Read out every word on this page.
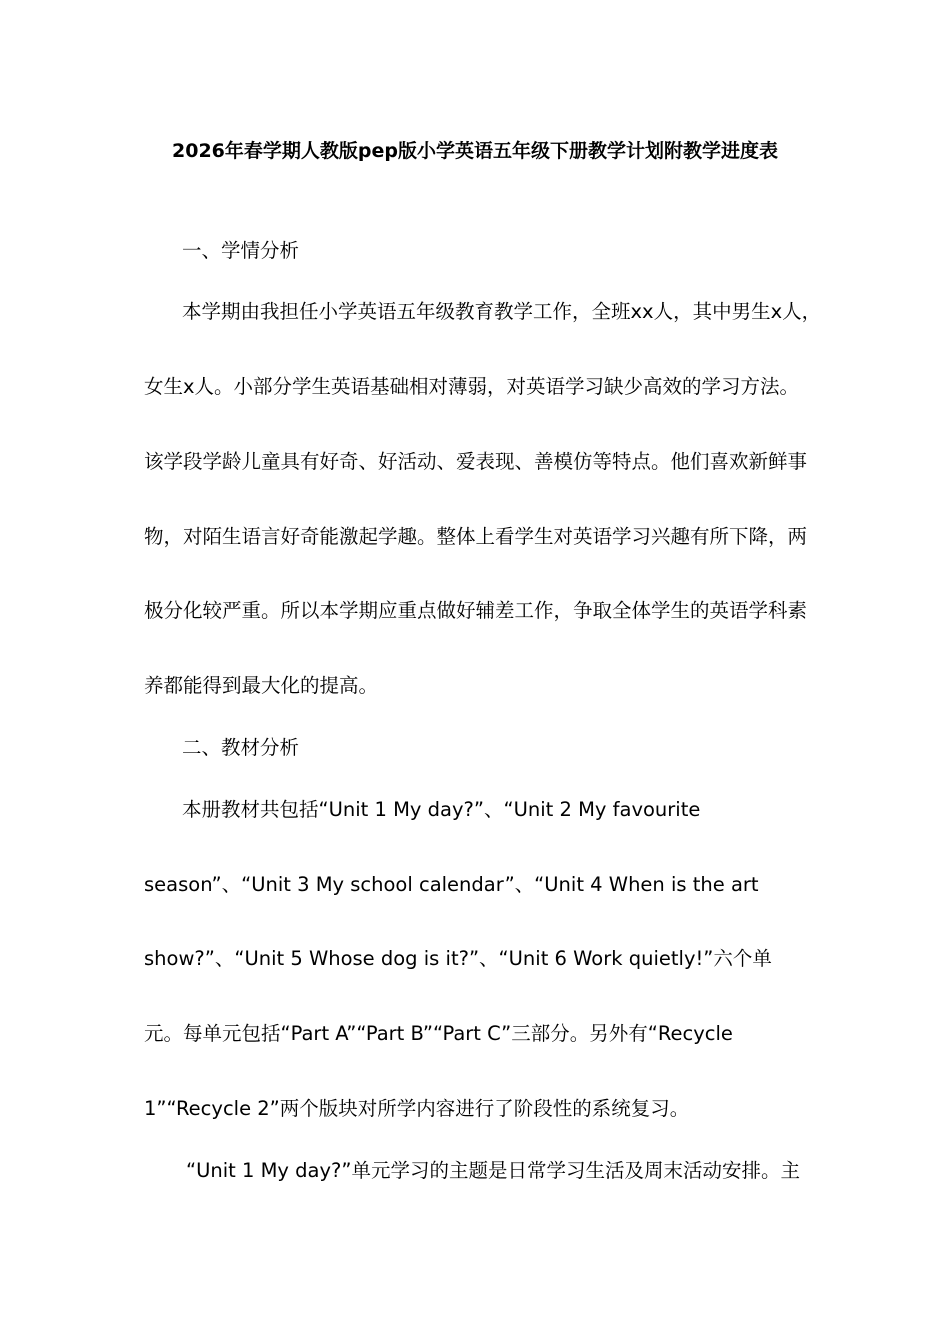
2026年春学期人教版pep版小学英语五年级下册教学计划附教学进度表
一、学情分析
本学期由我担任小学英语五年级教育教学工作，全班xx人，其中男生x人，
女生x人。小部分学生英语基础相对薄弱，对英语学习缺少高效的学习方法。
该学段学龄儿童具有好奇、好活动、爱表现、善模仿等特点。他们喜欢新鲜事
物，对陌生语言好奇能激起学趣。整体上看学生对英语学习兴趣有所下降，两
极分化较严重。所以本学期应重点做好辅差工作，争取全体学生的英语学科素
养都能得到最大化的提高。
二、教材分析
本册教材共包括“Unit 1 My day?”、“Unit 2 My favourite
season”、“Unit 3 My school calendar”、“Unit 4 When is the art
show?”、“Unit 5 Whose dog is it?”、“Unit 6 Work quietly!”六个单
元。每单元包括“Part A”“Part B”“Part C”三部分。另外有“Recycle
1”“Recycle 2”两个版块对所学内容进行了阶段性的系统复习。
“Unit 1 My day?”单元学习的主题是日常学习生活及周末活动安排。主
